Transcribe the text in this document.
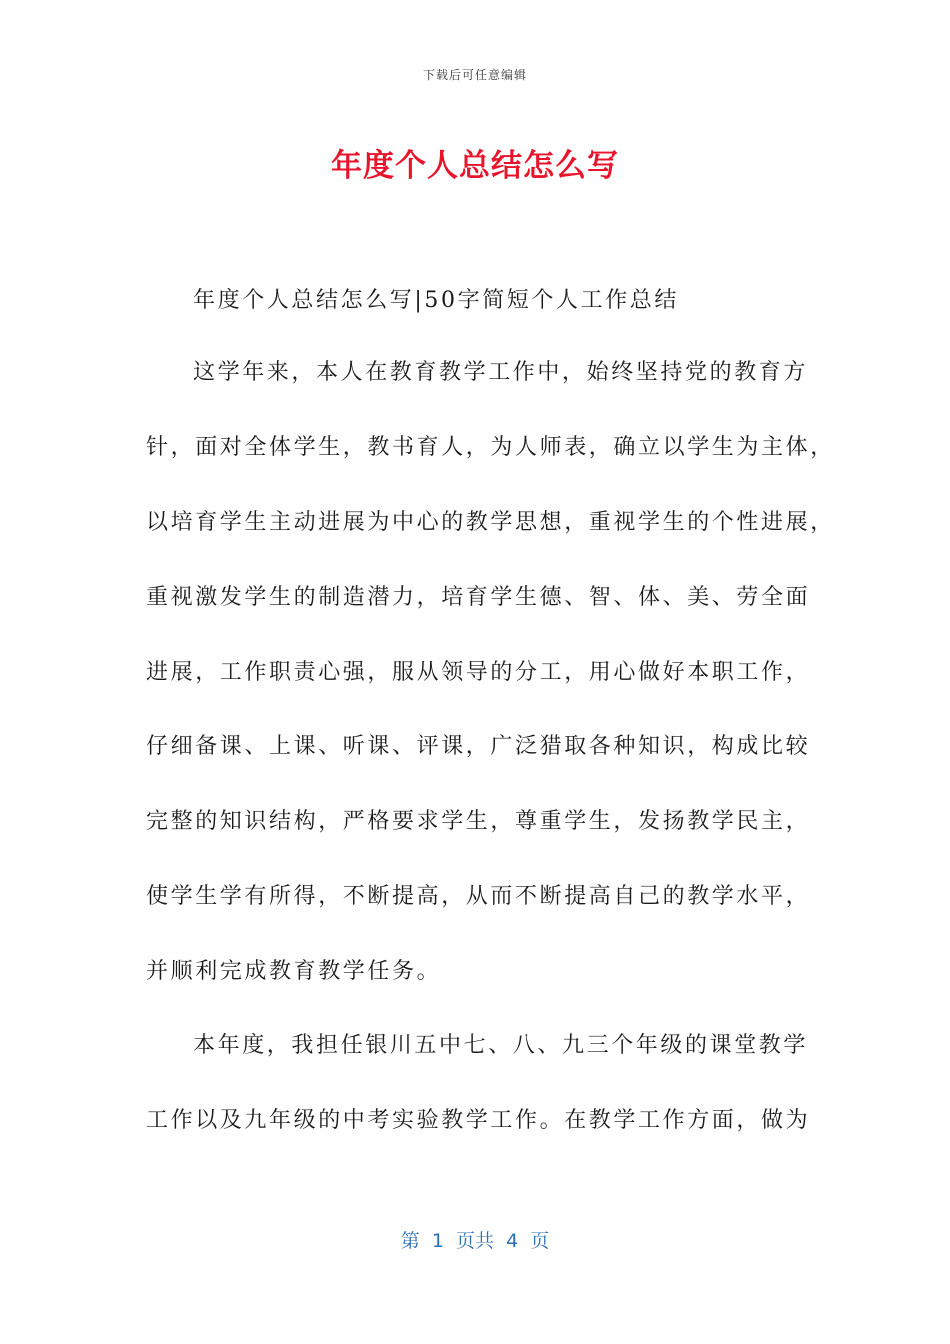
下载后可任意编辑
年度个人总结怎么写
年度个人总结怎么写|50字简短个人工作总结
这学年来，本人在教育教学工作中，始终坚持党的教育方
针，面对全体学生，教书育人，为人师表，确立以学生为主体，
以培育学生主动进展为中心的教学思想，重视学生的个性进展，
重视激发学生的制造潜力，培育学生德、智、体、美、劳全面
进展，工作职责心强，服从领导的分工，用心做好本职工作，
仔细备课、上课、听课、评课，广泛猎取各种知识，构成比较
完整的知识结构，严格要求学生，尊重学生，发扬教学民主，
使学生学有所得，不断提高，从而不断提高自己的教学水平，
并顺利完成教育教学任务。
本年度，我担任银川五中七、八、九三个年级的课堂教学
工作以及九年级的中考实验教学工作。在教学工作方面，做为
第  1  页共  4  页
